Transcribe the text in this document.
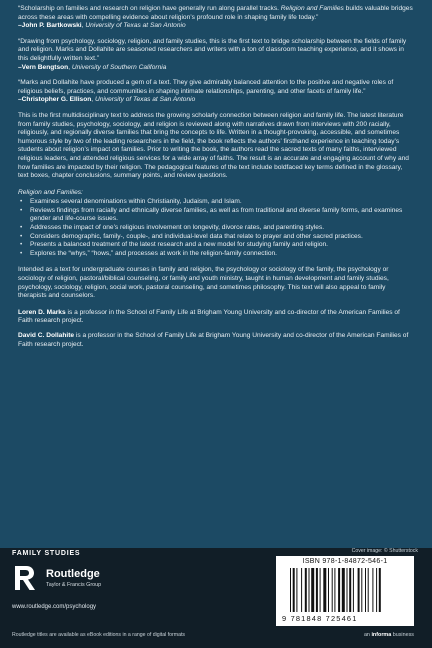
“Scholarship on families and research on religion have generally run along parallel tracks. Religion and Families builds valuable bridges across these areas with compelling evidence about religion’s profound role in shaping family life today.”

–John P. Bartkowski, University of Texas at San Antonio

“Drawing from psychology, sociology, religion, and family studies, this is the first text to bridge scholarship between the fields of family and religion. Marks and Dollahite are seasoned researchers and writers with a ton of classroom teaching experience, and it shows in this delightfully written text.”

–Vern Bengtson, University of Southern California

“Marks and Dollahite have produced a gem of a text. They give admirably balanced attention to the positive and negative roles of religious beliefs, practices, and communities in shaping intimate relationships, parenting, and other facets of family life.”

–Christopher G. Ellison, University of Texas at San Antonio

This is the first multidisciplinary text to address the growing scholarly connection between religion and family life. The latest literature from family studies, psychology, sociology, and religion is reviewed along with narratives drawn from interviews with 200 racially, religiously, and regionally diverse families that bring the concepts to life. Written in a thought-provoking, accessible, and sometimes humorous style by two of the leading researchers in the field, the book reflects the authors’ firsthand experience in teaching today’s students about religion’s impact on families. Prior to writing the book, the authors read the sacred texts of many faiths, interviewed religious leaders, and attended religious services for a wide array of faiths. The result is an accurate and engaging account of why and how families are impacted by their religion. The pedagogical features of the text include boldfaced key terms defined in the glossary, text boxes, chapter conclusions, summary points, and review questions.

Religion and Families:

• Examines several denominations within Christianity, Judaism, and Islam.
• Reviews findings from racially and ethnically diverse families, as well as from traditional and diverse family forms, and examines gender and life-course issues.
• Addresses the impact of one’s religious involvement on longevity, divorce rates, and parenting styles.
• Considers demographic, family-, couple-, and individual-level data that relate to prayer and other sacred practices.
• Presents a balanced treatment of the latest research and a new model for studying family and religion.
• Explores the “whys,” “hows,” and processes at work in the religion-family connection.

Intended as a text for undergraduate courses in family and religion, the psychology or sociology of the family, the psychology or sociology of religion, pastoral/biblical counseling, or family and youth ministry, taught in human development and family studies, psychology, sociology, religion, social work, pastoral counseling, and sometimes philosophy. This text will also appeal to family therapists and counselors.

Loren D. Marks is a professor in the School of Family Life at Brigham Young University and co-director of the American Families of Faith research project.

David C. Dollahite is a professor in the School of Family Life at Brigham Young University and co-director of the American Families of Faith research project.

FAMILY STUDIES	Cover image: © Shutterstock
Routledge
Taylor & Francis Group
www.routledge.com/psychology
Routledge titles are available as eBook editions in a range of digital formats
ISBN 978-1-84872-546-1
9 781848 725461
an informa business
